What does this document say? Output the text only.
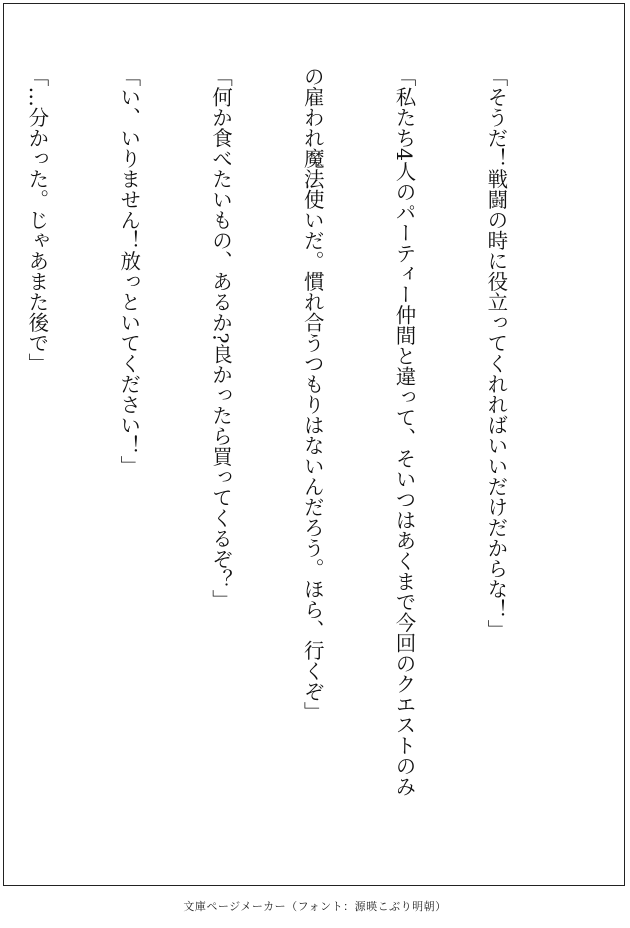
「そうだ！戦闘の時に役立ってくれればいいだけだからな！」

「私たち4人のパーティー仲間と違って、そいつはあくまで今回のクエストのみ

の雇われ魔法使いだ。慣れ合うつもりはないんだろう。ほら、行くぞ」

「何か食べたいもの、あるか?良かったら買ってくるぞ？」

「い、いりません！放っといてください！」

「…分かった。じゃあまた後で」

文庫ページメーカー（フォント：源暎こぶり明朝）
